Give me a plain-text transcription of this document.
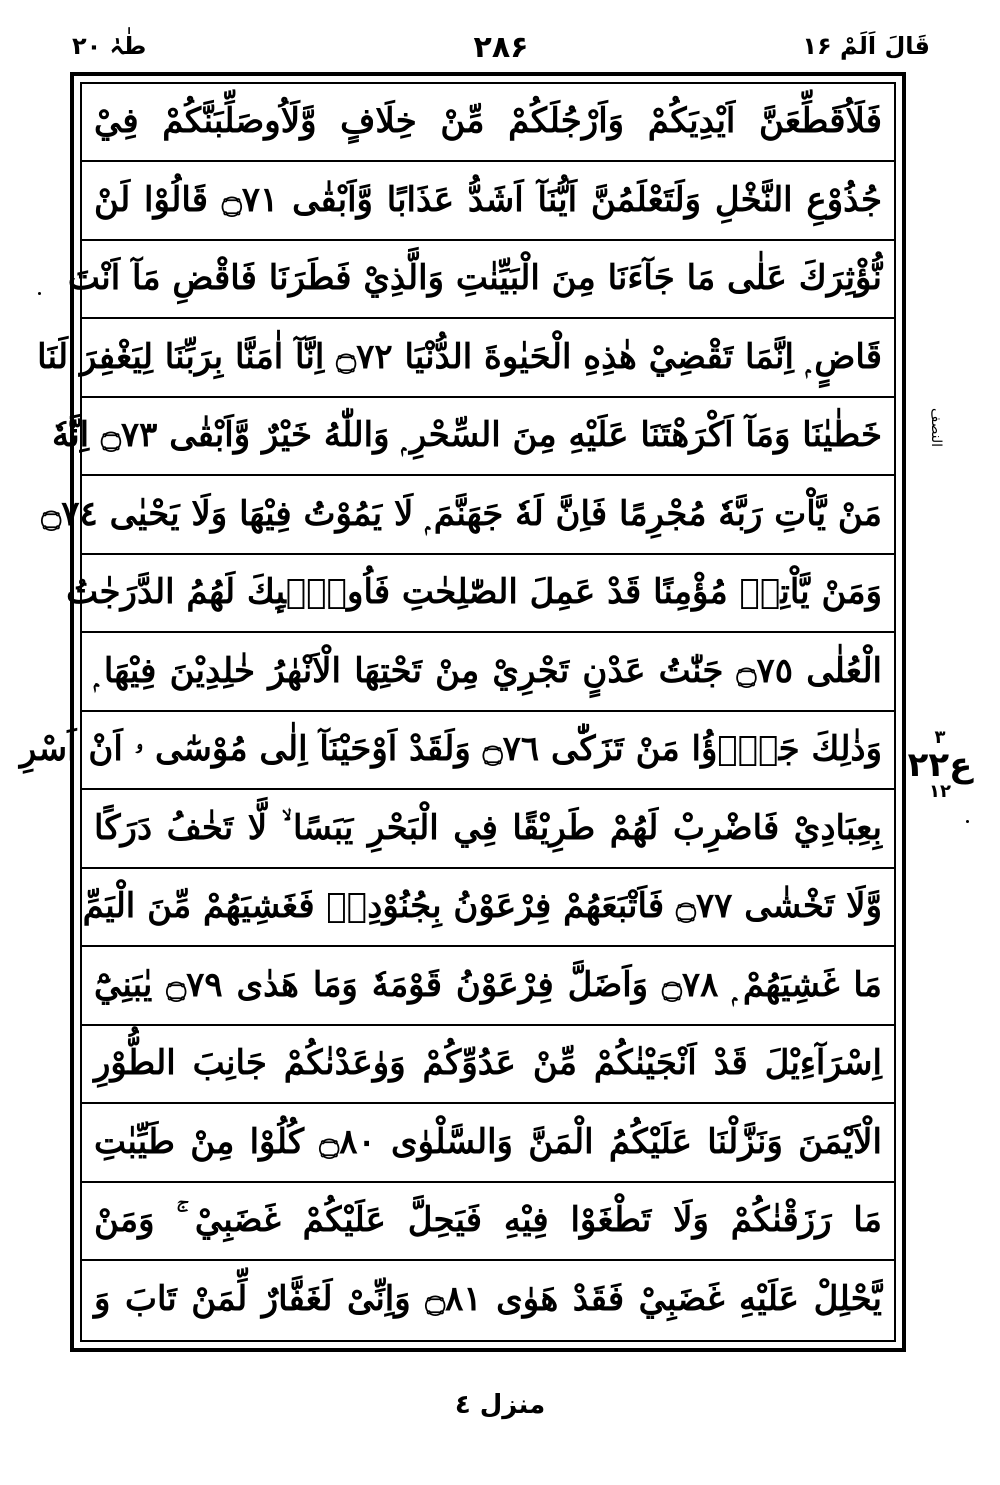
طٰہٰ ۲۰	۲۸۶	قَالَ اَلَمْ ۱۶
فَلَاُقَطِّعَنَّ اَيْدِيَكُمْ وَاَرْجُلَكُمْ مِّنْ خِلَافٍ وَّلَاُوصَلِّبَنَّكُمْ فِيْ
جُذُوْعِ النَّخْلِ وَلَتَعْلَمُنَّ اَيُّنَآ اَشَدُّ عَذَابًا وَّاَبْقٰى ۝٧١ قَالُوْا لَنْ
نُّؤْثِرَكَ عَلٰى مَا جَآءَنَا مِنَ الْبَيِّنٰتِ وَالَّذِيْ فَطَرَنَا فَاقْضِ مَآ اَنْتَ
قَاضٍ ۭ اِنَّمَا تَقْضِيْ هٰذِهِ الْحَيٰوةَ الدُّنْيَا ۝٧٢ اِنَّآ اٰمَنَّا بِرَبِّنَا لِيَغْفِرَ لَنَا
خَطٰيٰنَا وَمَآ اَكْرَهْتَنَا عَلَيْهِ مِنَ السِّحْرِ ۭ وَاللّٰهُ خَيْرٌ وَّاَبْقٰى ۝٧٣ اِنَّهٗ
مَنْ يَّاْتِ رَبَّهٗ مُجْرِمًا فَاِنَّ لَهٗ جَهَنَّمَ ۭ لَا يَمُوْتُ فِيْهَا وَلَا يَحْيٰى ۝٧٤
وَمَنْ يَّاْتِهٖ مُؤْمِنًا قَدْ عَمِلَ الصّٰلِحٰتِ فَاُولٰۗىِٕكَ لَهُمُ الدَّرَجٰتُ
الْعُلٰى ۝٧٥ جَنّٰتُ عَدْنٍ تَجْرِيْ مِنْ تَحْتِهَا الْاَنْهٰرُ خٰلِدِيْنَ فِيْهَا ۭ
وَذٰلِكَ جَزٰۗؤُا مَنْ تَزَكّٰى ۝٧٦ وَلَقَدْ اَوْحَيْنَآ اِلٰى مُوْسٰٓى ۥ اَنْ اَسْرِ
بِعِبَادِيْ فَاضْرِبْ لَهُمْ طَرِيْقًا فِي الْبَحْرِ يَبَسًا ۙ لَّا تَخٰفُ دَرَكًا
وَّلَا تَخْشٰى ۝٧٧ فَاَتْبَعَهُمْ فِرْعَوْنُ بِجُنُوْدِهٖ فَغَشِيَهُمْ مِّنَ الْيَمِّ
مَا غَشِيَهُمْ ۭ ۝٧٨ وَاَضَلَّ فِرْعَوْنُ قَوْمَهٗ وَمَا هَدٰى ۝٧٩ يٰبَنِيْٓ
اِسْرَآءِيْلَ قَدْ اَنْجَيْنٰكُمْ مِّنْ عَدُوِّكُمْ وَوٰعَدْنٰكُمْ جَانِبَ الطُّوْرِ
الْاَيْمَنَ وَنَزَّلْنَا عَلَيْكُمُ الْمَنَّ وَالسَّلْوٰى ۝٨٠ كُلُوْا مِنْ طَيِّبٰتِ
مَا رَزَقْنٰكُمْ وَلَا تَطْغَوْا فِيْهِ فَيَحِلَّ عَلَيْكُمْ غَضَبِيْ ۚ وَمَنْ
يَّحْلِلْ عَلَيْهِ غَضَبِيْ فَقَدْ هَوٰى ۝٨١ وَاِنِّىْ لَغَفَّارٌ لِّمَنْ تَابَ وَ
النصف
۳
ع۲۲
۱۲
منزل ٤
